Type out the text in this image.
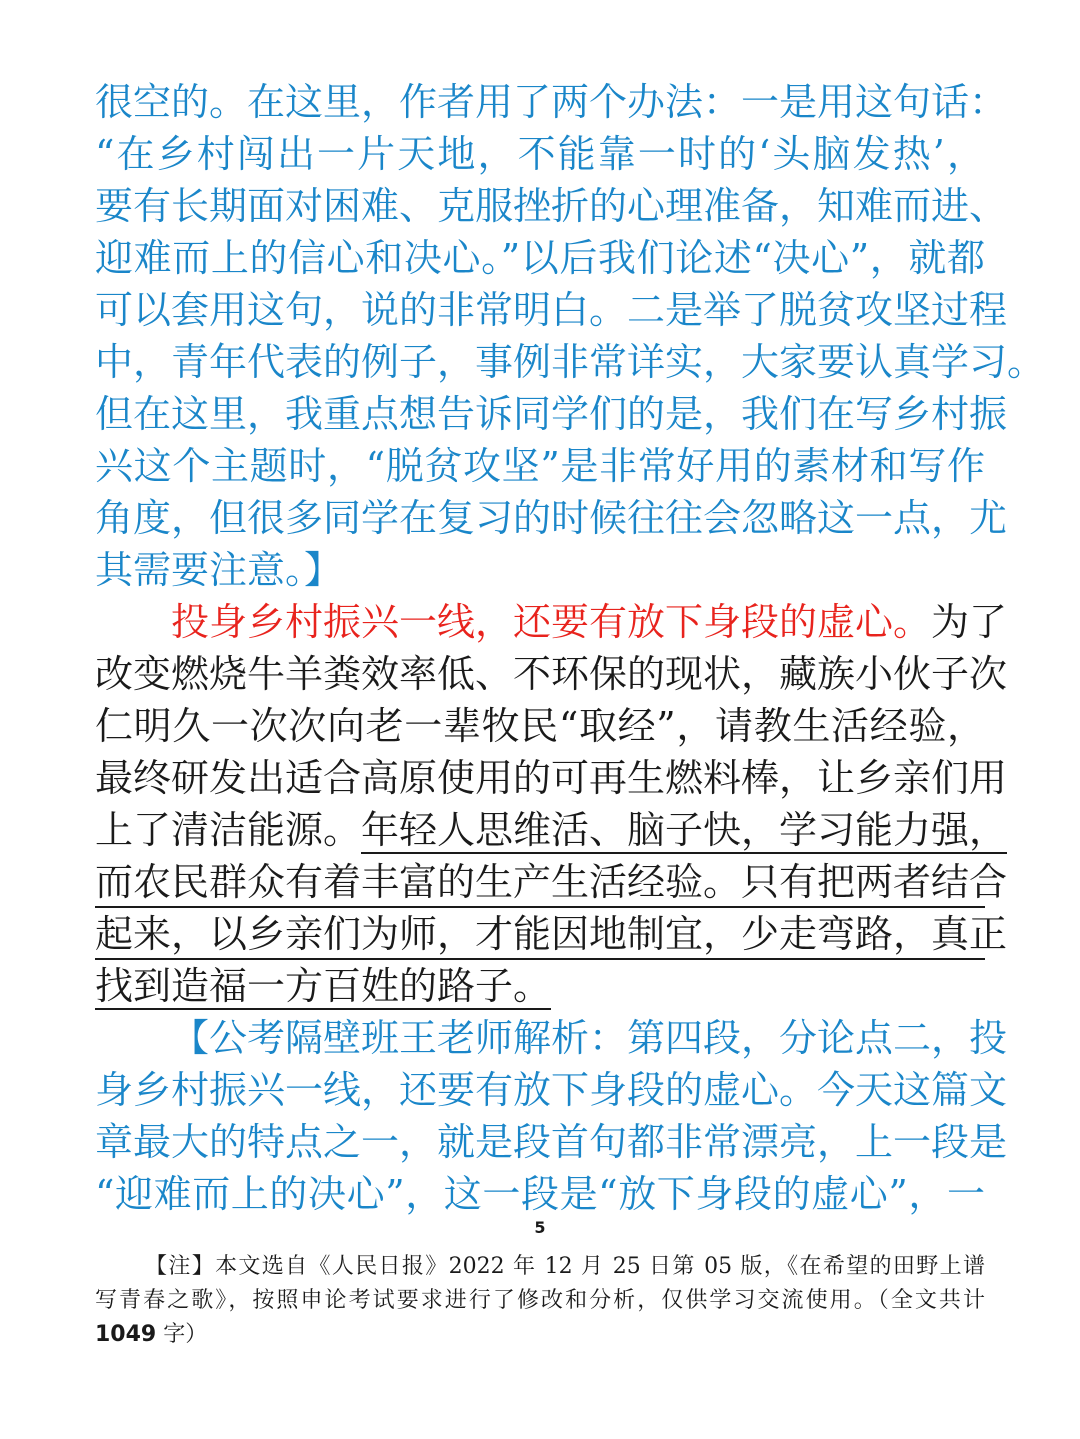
很空的。在这里，作者用了两个办法：一是用这句话：
“在乡村闯出一片天地，不能靠一时的‘头脑发热’，
要有长期面对困难、克服挫折的心理准备，知难而进、
迎难而上的信心和决心。”以后我们论述“决心”，就都
可以套用这句，说的非常明白。二是举了脱贫攻坚过程
中，青年代表的例子，事例非常详实，大家要认真学习。
但在这里，我重点想告诉同学们的是，我们在写乡村振
兴这个主题时，“脱贫攻坚”是非常好用的素材和写作
角度，但很多同学在复习的时候往往会忽略这一点，尤
其需要注意。】
投身乡村振兴一线，还要有放下身段的虚心。为了
改变燃烧牛羊粪效率低、不环保的现状，藏族小伙子次
仁明久一次次向老一辈牧民“取经”，请教生活经验，
最终研发出适合高原使用的可再生燃料棒，让乡亲们用
上了清洁能源。年轻人思维活、脑子快，学习能力强，
而农民群众有着丰富的生产生活经验。只有把两者结合
起来，以乡亲们为师，才能因地制宜，少走弯路，真正
找到造福一方百姓的路子。
【公考隔壁班王老师解析：第四段，分论点二，投
身乡村振兴一线，还要有放下身段的虚心。今天这篇文
章最大的特点之一，就是段首句都非常漂亮，上一段是
“迎难而上的决心”，这一段是“放下身段的虚心”，一
5
【注】本文选自《人民日报》2022 年 12 月 25 日第 05 版，《在希望的田野上谱
写青春之歌》，按照申论考试要求进行了修改和分析，仅供学习交流使用。（全文共计
1049 字）
